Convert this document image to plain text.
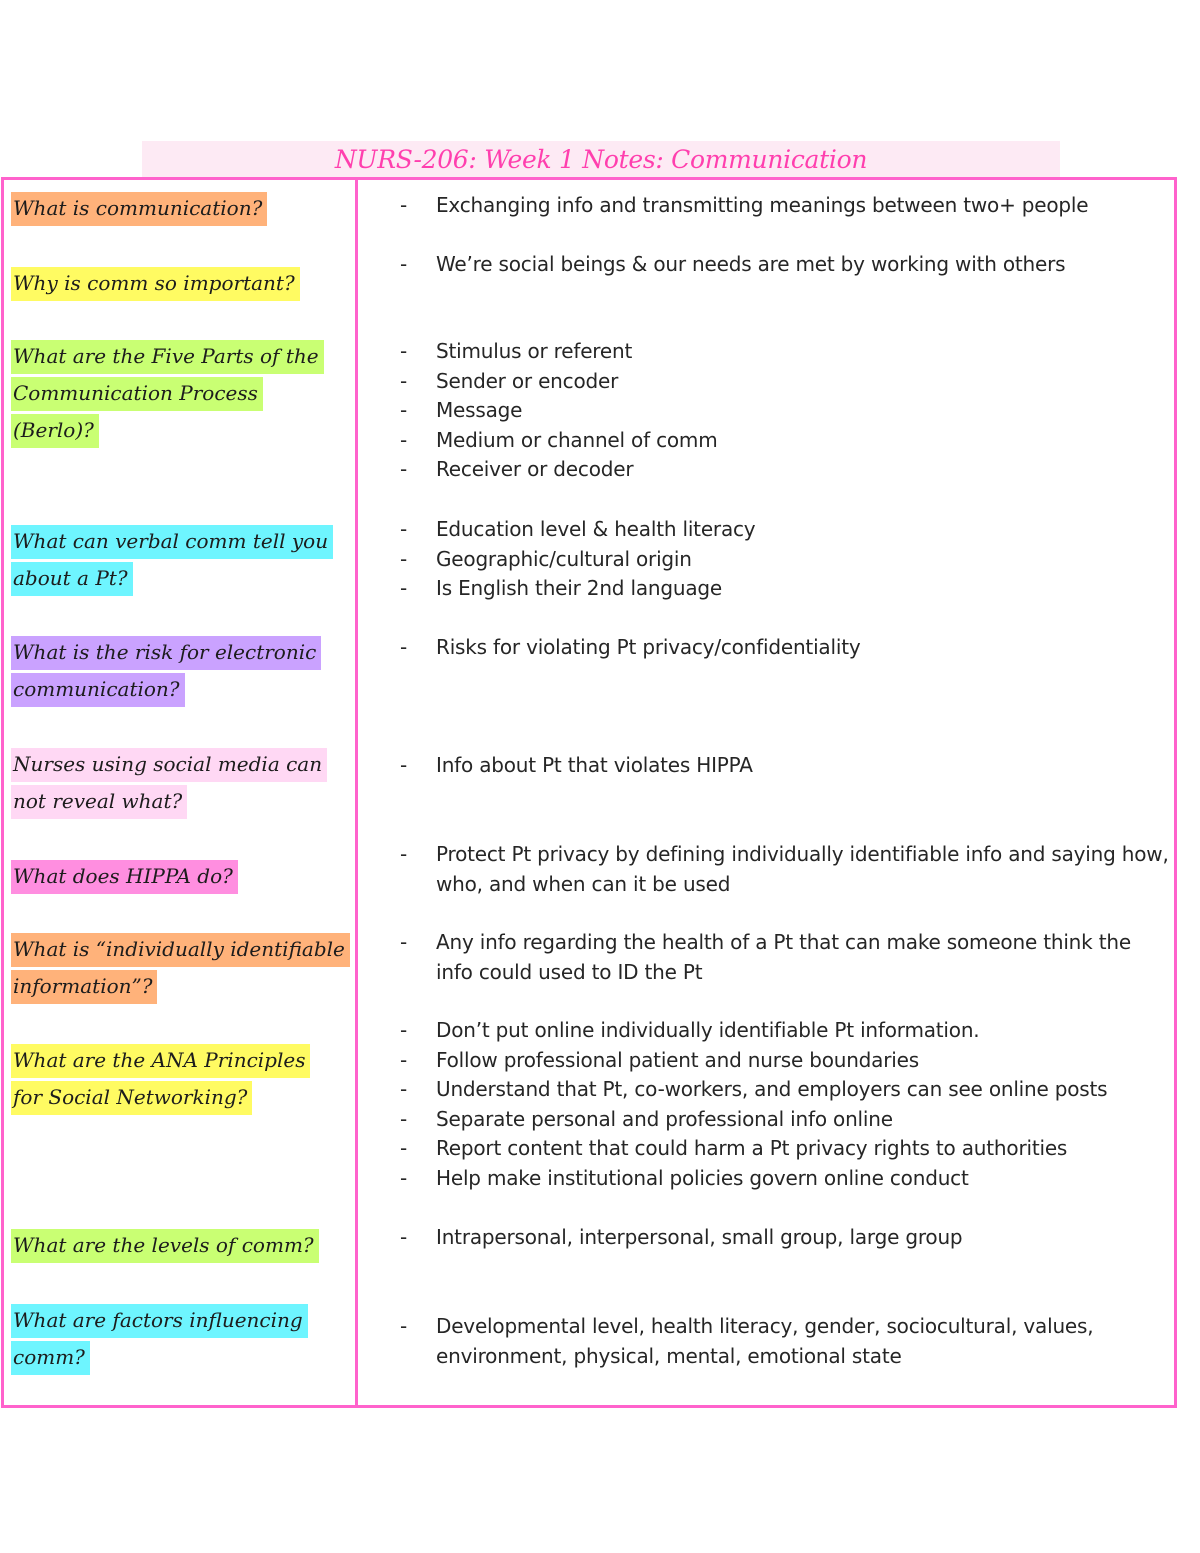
NURS-206: Week 1 Notes: Communication
What is communication?	- Exchanging info and transmitting meanings between two+ people
Why is comm so important?
- We’re social beings & our needs are met by working with others
What are the Five Parts of the Communication Process (Berlo)?
- Stimulus or referent
- Sender or encoder
- Message
- Medium or channel of comm
- Receiver or decoder
What can verbal comm tell you about a Pt?
- Education level & health literacy
- Geographic/cultural origin
- Is English their 2nd language
What is the risk for electronic communication?
- Risks for violating Pt privacy/confidentiality
Nurses using social media can not reveal what?
- Info about Pt that violates HIPPA
What does HIPPA do?
- Protect Pt privacy by defining individually identifiable info and saying how, who, and when can it be used
What is “individually identifiable information”?
- Any info regarding the health of a Pt that can make someone think the info could used to ID the Pt
What are the ANA Principles for Social Networking?
- Don’t put online individually identifiable Pt information.
- Follow professional patient and nurse boundaries
- Understand that Pt, co-workers, and employers can see online posts
- Separate personal and professional info online
- Report content that could harm a Pt privacy rights to authorities
- Help make institutional policies govern online conduct
What are the levels of comm?	- Intrapersonal, interpersonal, small group, large group
What are factors influencing comm?
- Developmental level, health literacy, gender, sociocultural, values, environment, physical, mental, emotional state
